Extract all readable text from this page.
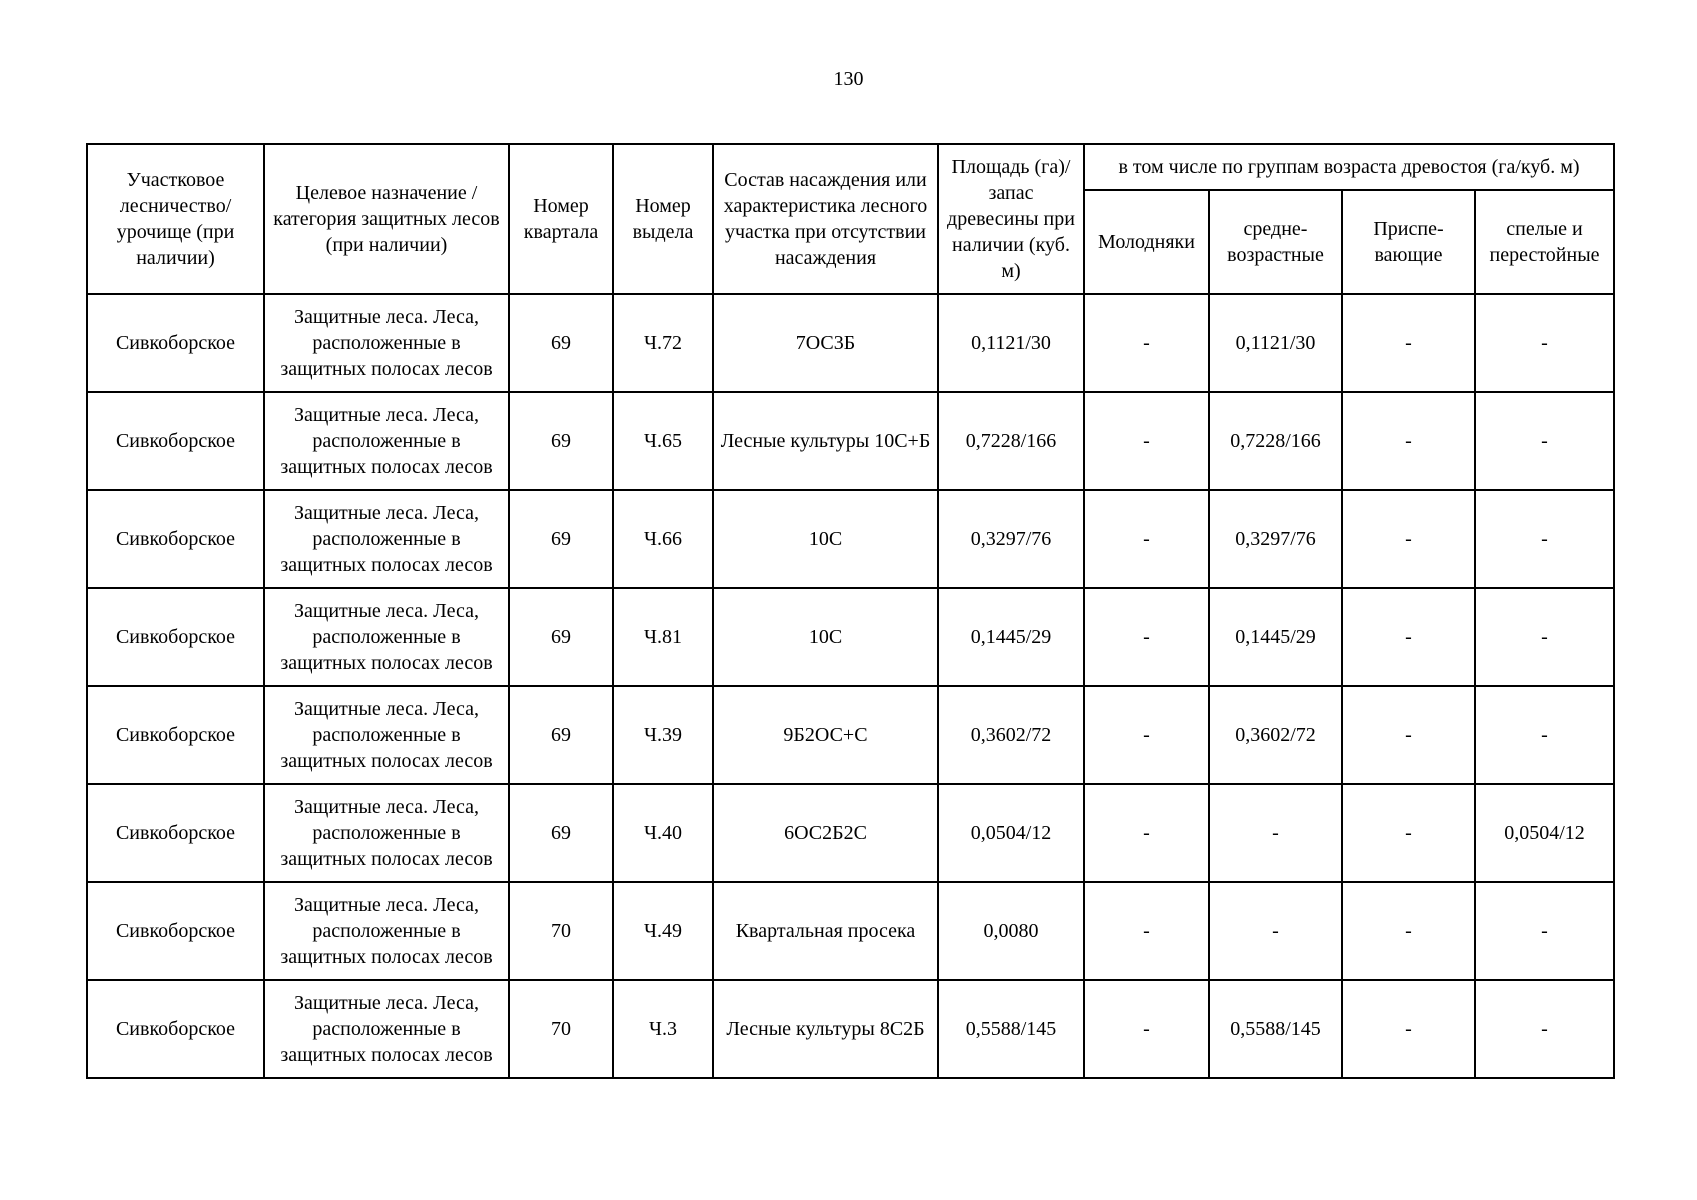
130
Участковое лесничество/ урочище (при наличии)	Целевое назначение / категория защитных лесов (при наличии)	Номер квартала	Номер выдела	Состав насаждения или характеристика лесного участка при отсутствии насаждения	Площадь (га)/ запас древесины при наличии (куб. м)	в том числе по группам возраста древостоя (га/куб. м)			
						Молодняки	средне-возрастные	Приспе-вающие	спелые и перестойные
Сивкоборское	Защитные леса. Леса, расположенные в защитных полосах лесов	69	Ч.72	7ОС3Б	0,1121/30	-	0,1121/30	-	-
Сивкоборское	Защитные леса. Леса, расположенные в защитных полосах лесов	69	Ч.65	Лесные культуры 10С+Б	0,7228/166	-	0,7228/166	-	-
Сивкоборское	Защитные леса. Леса, расположенные в защитных полосах лесов	69	Ч.66	10С	0,3297/76	-	0,3297/76	-	-
Сивкоборское	Защитные леса. Леса, расположенные в защитных полосах лесов	69	Ч.81	10С	0,1445/29	-	0,1445/29	-	-
Сивкоборское	Защитные леса. Леса, расположенные в защитных полосах лесов	69	Ч.39	9Б2ОС+С	0,3602/72	-	0,3602/72	-	-
Сивкоборское	Защитные леса. Леса, расположенные в защитных полосах лесов	69	Ч.40	6ОС2Б2С	0,0504/12	-	-	-	0,0504/12
Сивкоборское	Защитные леса. Леса, расположенные в защитных полосах лесов	70	Ч.49	Квартальная просека	0,0080	-	-	-	-
Сивкоборское	Защитные леса. Леса, расположенные в защитных полосах лесов	70	Ч.3	Лесные культуры 8С2Б	0,5588/145	-	0,5588/145	-	-
